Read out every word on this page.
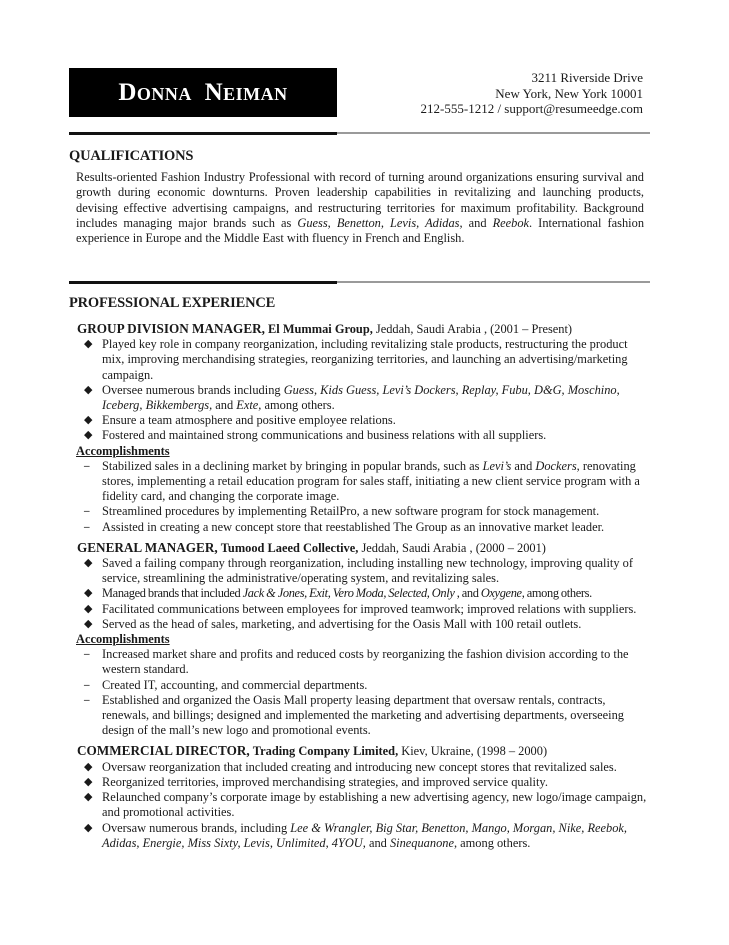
Donna Neiman
3211 Riverside Drive
New York, New York 10001
212-555-1212 / support@resumeedge.com
QUALIFICATIONS
Results-oriented Fashion Industry Professional with record of turning around organizations ensuring survival and growth during economic downturns. Proven leadership capabilities in revitalizing and launching products, devising effective advertising campaigns, and restructuring territories for maximum profitability. Background includes managing major brands such as Guess, Benetton, Levis, Adidas, and Reebok. International fashion experience in Europe and the Middle East with fluency in French and English.
PROFESSIONAL EXPERIENCE
GROUP DIVISION MANAGER, El Mummai Group, Jeddah, Saudi Arabia , (2001 – Present)
◆ Played key role in company reorganization, including revitalizing stale products, restructuring the product mix, improving merchandising strategies, reorganizing territories, and launching an advertising/marketing campaign.
◆ Oversee numerous brands including Guess, Kids Guess, Levi’s Dockers, Replay, Fubu, D&G, Moschino, Iceberg, Bikkembergs, and Exte, among others.
◆ Ensure a team atmosphere and positive employee relations.
◆ Fostered and maintained strong communications and business relations with all suppliers.
Accomplishments
– Stabilized sales in a declining market by bringing in popular brands, such as Levi’s and Dockers, renovating stores, implementing a retail education program for sales staff, initiating a new client service program with a fidelity card, and changing the corporate image.
– Streamlined procedures by implementing RetailPro, a new software program for stock management.
– Assisted in creating a new concept store that reestablished The Group as an innovative market leader.
GENERAL MANAGER, Tumood Laeed Collective, Jeddah, Saudi Arabia , (2000 – 2001)
◆ Saved a failing company through reorganization, including installing new technology, improving quality of service, streamlining the administrative/operating system, and revitalizing sales.
◆ Managed brands that included Jack & Jones, Exit, Vero Moda, Selected, Only , and Oxygene, among others.
◆ Facilitated communications between employees for improved teamwork; improved relations with suppliers.
◆ Served as the head of sales, marketing, and advertising for the Oasis Mall with 100 retail outlets.
Accomplishments
– Increased market share and profits and reduced costs by reorganizing the fashion division according to the western standard.
– Created IT, accounting, and commercial departments.
– Established and organized the Oasis Mall property leasing department that oversaw rentals, contracts, renewals, and billings; designed and implemented the marketing and advertising departments, overseeing design of the mall’s new logo and promotional events.
COMMERCIAL DIRECTOR, Trading Company Limited, Kiev, Ukraine, (1998 – 2000)
◆ Oversaw reorganization that included creating and introducing new concept stores that revitalized sales.
◆ Reorganized territories, improved merchandising strategies, and improved service quality.
◆ Relaunched company’s corporate image by establishing a new advertising agency, new logo/image campaign, and promotional activities.
◆ Oversaw numerous brands, including Lee & Wrangler, Big Star, Benetton, Mango, Morgan, Nike, Reebok, Adidas, Energie, Miss Sixty, Levis, Unlimited, 4YOU, and Sinequanone, among others.
